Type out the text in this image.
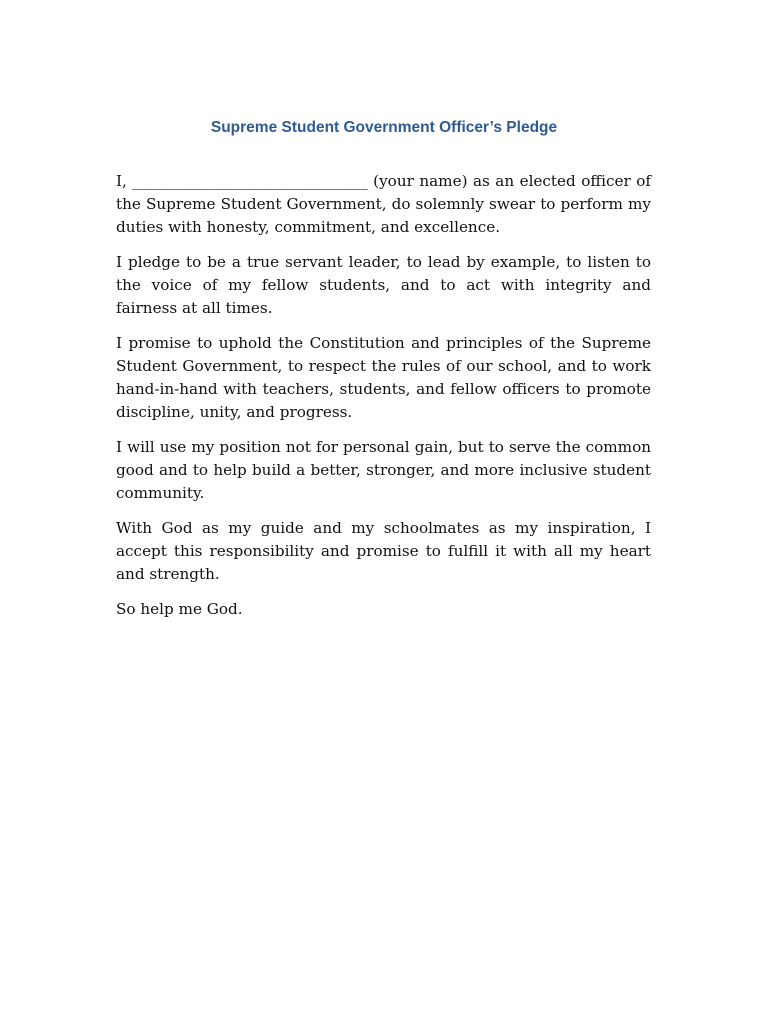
Supreme Student Government Officer’s Pledge

I, _______________________________ (your name) as an elected officer of the Supreme Student Government, do solemnly swear to perform my duties with honesty, commitment, and excellence.

I pledge to be a true servant leader, to lead by example, to listen to the voice of my fellow students, and to act with integrity and fairness at all times.

I promise to uphold the Constitution and principles of the Supreme Student Government, to respect the rules of our school, and to work hand-in-hand with teachers, students, and fellow officers to promote discipline, unity, and progress.

I will use my position not for personal gain, but to serve the common good and to help build a better, stronger, and more inclusive student community.

With God as my guide and my schoolmates as my inspiration, I accept this responsibility and promise to fulfill it with all my heart and strength.

So help me God.
